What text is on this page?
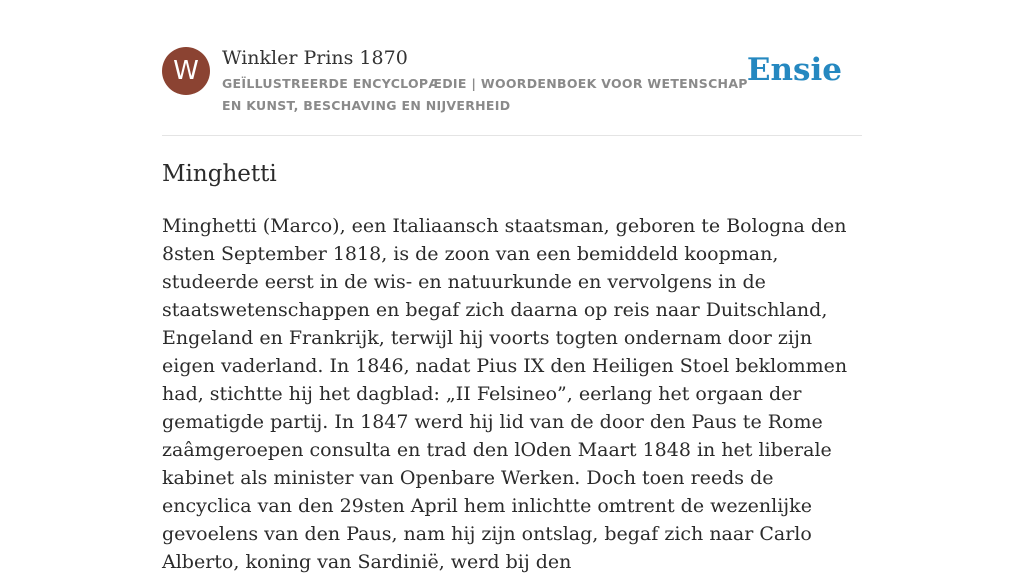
W	Winkler Prins 1870
GEÏLLUSTREERDE ENCYCLOPÆDIE | WOORDENBOEK VOOR WETENSCHAP EN KUNST, BESCHAVING EN NIJVERHEID
Ensie
Minghetti

Minghetti (Marco), een Italiaansch staatsman, geboren te Bologna den 8sten September 1818, is de zoon van een bemiddeld koopman, studeerde eerst in de wis- en natuurkunde en vervolgens in de staatswetenschappen en begaf zich daarna op reis naar Duitschland, Engeland en Frankrijk, terwijl hij voorts togten ondernam door zijn eigen vaderland. In 1846, nadat Pius IX den Heiligen Stoel beklommen had, stichtte hij het dagblad: „II Felsineo”, eerlang het orgaan der gematigde partij. In 1847 werd hij lid van de door den Paus te Rome zaâmgeroepen consulta en trad den lOden Maart 1848 in het liberale kabinet als minister van Openbare Werken. Doch toen reeds de encyclica van den 29sten April hem inlichtte omtrent de wezenlijke gevoelens van den Paus, nam hij zijn ontslag, begaf zich naar Carlo Alberto, koning van Sardinië, werd bij den
